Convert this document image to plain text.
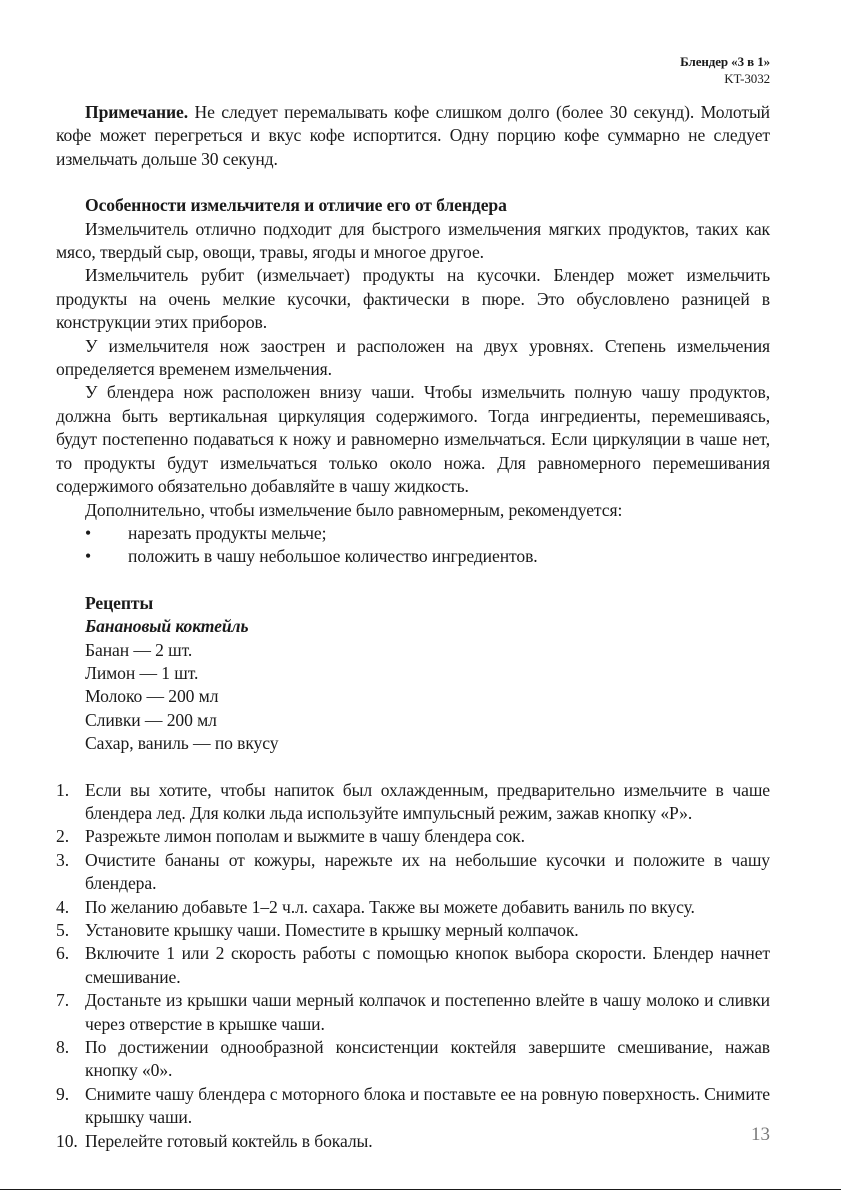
Блендер «3 в 1»
KT-3032

Примечание. Не следует перемалывать кофе слишком долго (более 30 секунд). Молотый кофе может перегреться и вкус кофе испортится. Одну порцию кофе суммарно не следует измельчать дольше 30 секунд.

Особенности измельчителя и отличие его от блендера

Измельчитель отлично подходит для быстрого измельчения мягких продуктов, таких как мясо, твердый сыр, овощи, травы, ягоды и многое другое.

Измельчитель рубит (измельчает) продукты на кусочки. Блендер может измельчить продукты на очень мелкие кусочки, фактически в пюре. Это обусловлено разницей в конструкции этих приборов.

У измельчителя нож заострен и расположен на двух уровнях. Степень измельчения определяется временем измельчения.

У блендера нож расположен внизу чаши. Чтобы измельчить полную чашу продуктов, должна быть вертикальная циркуляция содержимого. Тогда ингредиенты, перемешиваясь, будут постепенно подаваться к ножу и равномерно измельчаться. Если циркуляции в чаше нет, то продукты будут измельчаться только около ножа. Для равномерного перемешивания содержимого обязательно добавляйте в чашу жидкость.

Дополнительно, чтобы измельчение было равномерным, рекомендуется:

• нарезать продукты мельче;
• положить в чашу небольшое количество ингредиентов.

Рецепты

Банановый коктейль

Банан — 2 шт.

Лимон — 1 шт.

Молоко — 200 мл

Сливки — 200 мл

Сахар, ваниль — по вкусу

1. Если вы хотите, чтобы напиток был охлажденным, предварительно измельчите в чаше блендера лед. Для колки льда используйте импульсный режим, зажав кнопку «Р».
2. Разрежьте лимон пополам и выжмите в чашу блендера сок.
3. Очистите бананы от кожуры, нарежьте их на небольшие кусочки и положите в чашу блендера.
4. По желанию добавьте 1–2 ч.л. сахара. Также вы можете добавить ваниль по вкусу.
5. Установите крышку чаши. Поместите в крышку мерный колпачок.
6. Включите 1 или 2 скорость работы с помощью кнопок выбора скорости. Блендер начнет смешивание.
7. Достаньте из крышки чаши мерный колпачок и постепенно влейте в чашу молоко и сливки через отверстие в крышке чаши.
8. По достижении однообразной консистенции коктейля завершите смешивание, нажав кнопку «0».
9. Снимите чашу блендера с моторного блока и поставьте ее на ровную поверхность. Снимите крышку чаши.
10. Перелейте готовый коктейль в бокалы.	13
